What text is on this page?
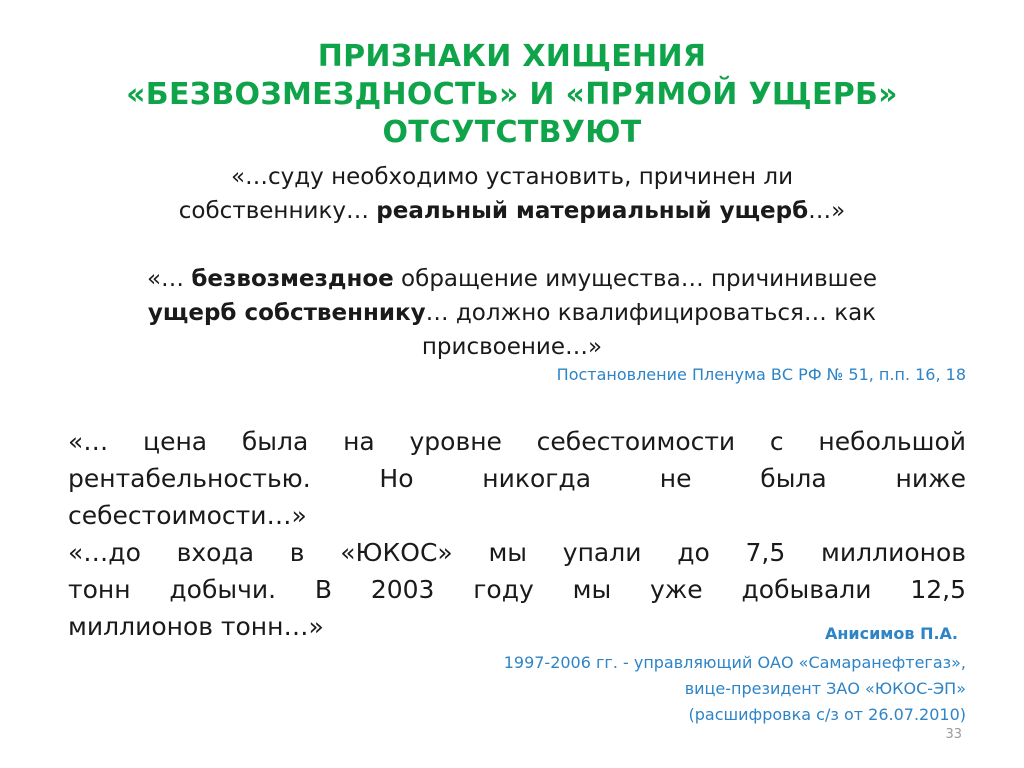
ПРИЗНАКИ ХИЩЕНИЯ
«БЕЗВОЗМЕЗДНОСТЬ» И «ПРЯМОЙ УЩЕРБ»
ОТСУТСТВУЮТ
«…суду необходимо установить, причинен ли
собственнику… реальный материальный ущерб…»
«… безвозмездное обращение имущества… причинившее
ущерб собственнику… должно квалифицироваться… как
присвоение…»
Постановление Пленума ВС РФ № 51, п.п. 16, 18
«… цена была на уровне себестоимости с небольшой
рентабельностью. Но никогда не была ниже
себестоимости…»
«…до входа в «ЮКОС» мы упали до 7,5 миллионов
тонн добычи. В 2003 году мы уже добывали 12,5
миллионов тонн…»	Анисимов П.А.
1997-2006 гг. - управляющий ОАО «Самаранефтегаз»,
вице-президент ЗАО «ЮКОС-ЭП»
(расшифровка с/з от 26.07.2010)
33
